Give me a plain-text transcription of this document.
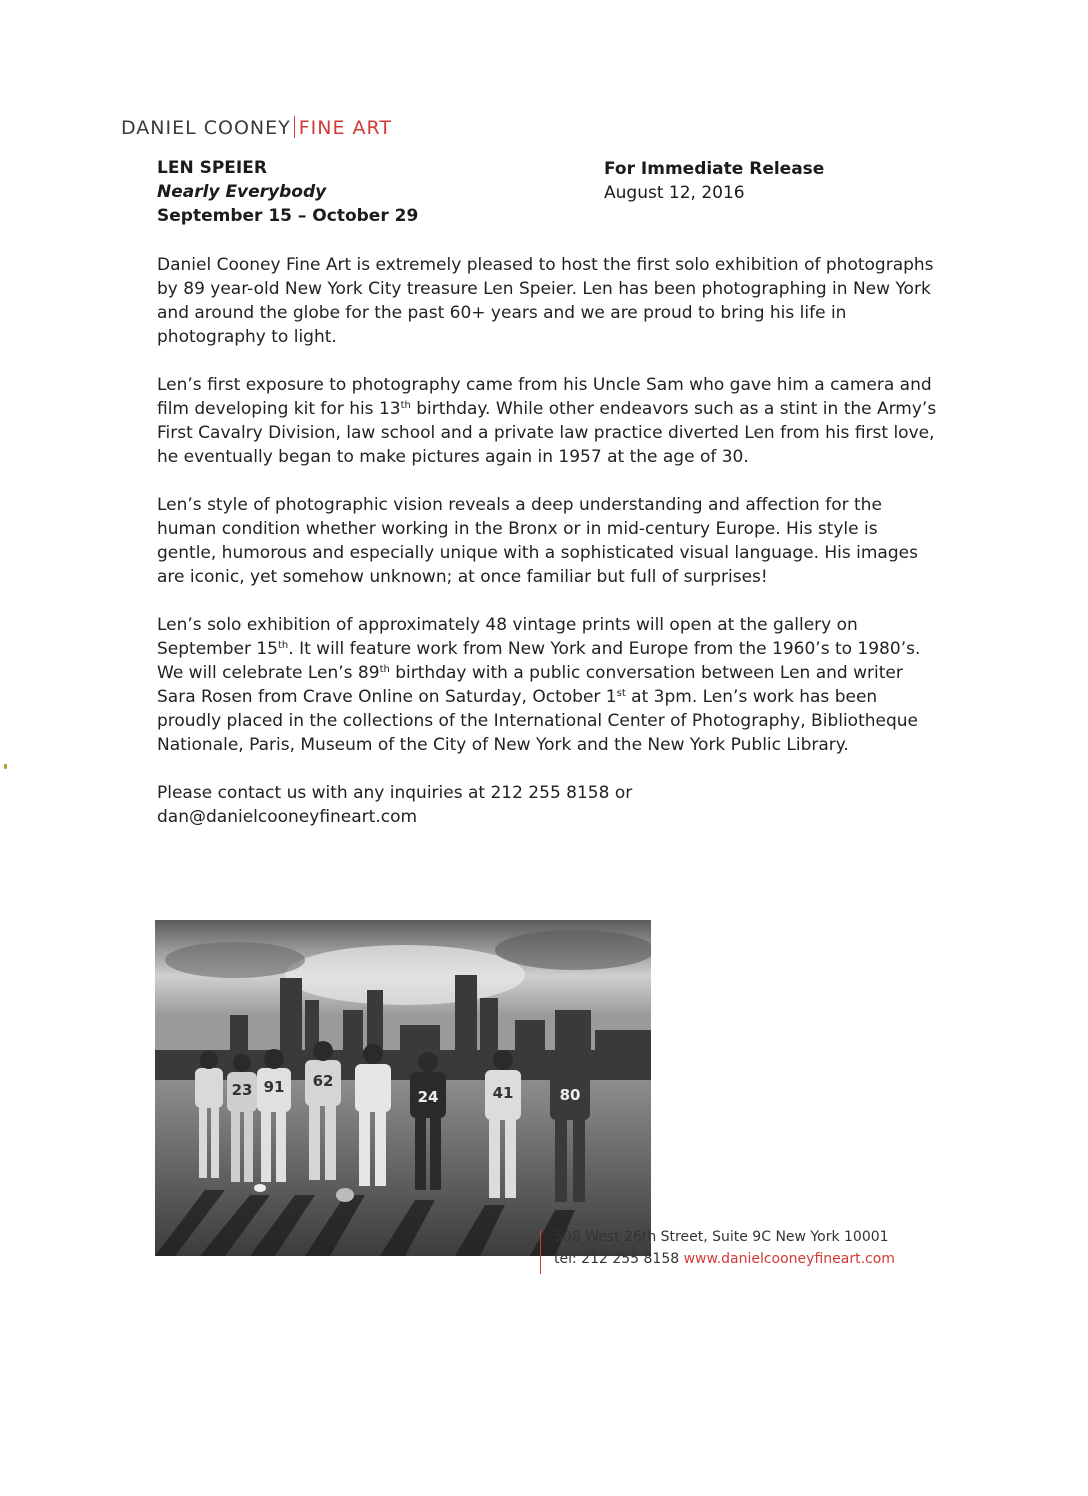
DANIEL COONEY FINE ART
LEN SPEIER
Nearly Everybody
September 15 – October 29
For Immediate Release
August 12, 2016

Daniel Cooney Fine Art is extremely pleased to host the first solo exhibition of photographs by 89 year-old New York City treasure Len Speier. Len has been photographing in New York and around the globe for the past 60+ years and we are proud to bring his life in photography to light.

Len’s first exposure to photography came from his Uncle Sam who gave him a camera and film developing kit for his 13th birthday. While other endeavors such as a stint in the Army’s First Cavalry Division, law school and a private law practice diverted Len from his first love, he eventually began to make pictures again in 1957 at the age of 30.

Len’s style of photographic vision reveals a deep understanding and affection for the human condition whether working in the Bronx or in mid-century Europe. His style is gentle, humorous and especially unique with a sophisticated visual language. His images are iconic, yet somehow unknown; at once familiar but full of surprises!

Len’s solo exhibition of approximately 48 vintage prints will open at the gallery on September 15th. It will feature work from New York and Europe from the 1960’s to 1980’s. We will celebrate Len’s 89th birthday with a public conversation between Len and writer Sara Rosen from Crave Online on Saturday, October 1st at 3pm. Len’s work has been proudly placed in the collections of the International Center of Photography, Bibliotheque Nationale, Paris, Museum of the City of New York and the New York Public Library.

Please contact us with any inquiries at 212 255 8158 or
dan@danielcooneyfineart.com
23 91 62
24	41	80
508 West 26th Street, Suite 9C New York 10001
tel: 212 255 8158 www.danielcooneyfineart.com
